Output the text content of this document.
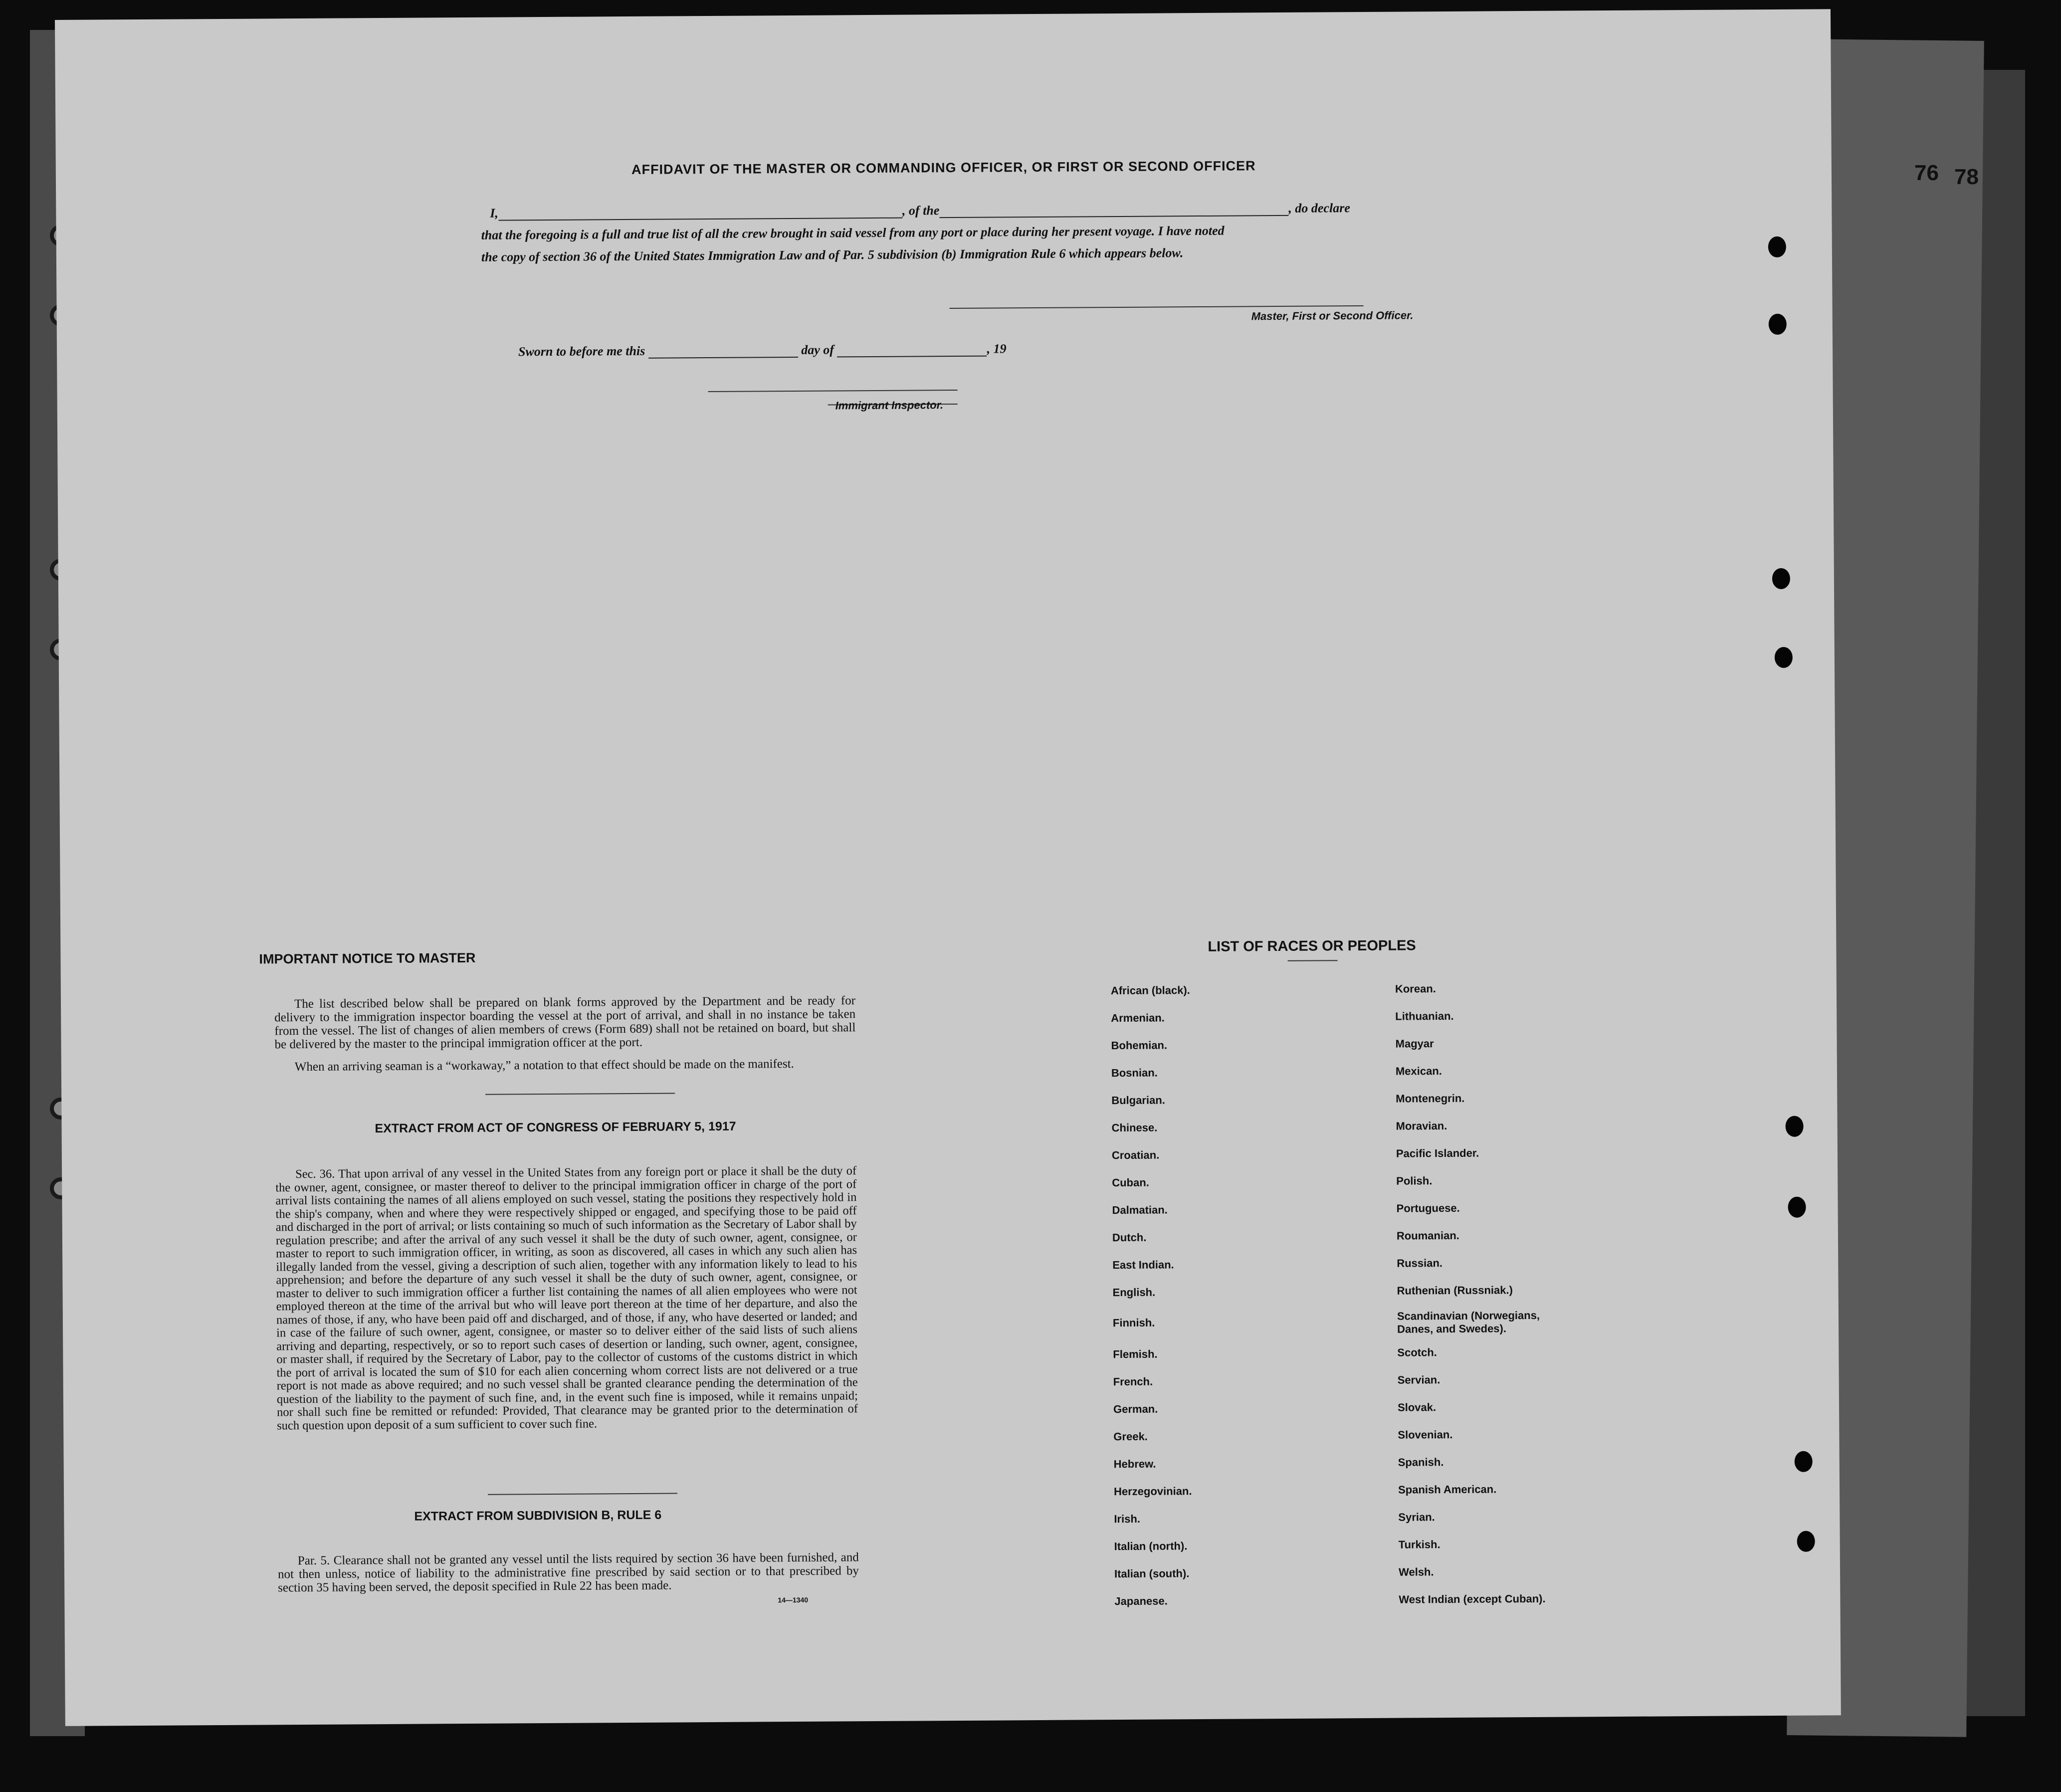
76 78

AFFIDAVIT OF THE MASTER OR COMMANDING OFFICER, OR FIRST OR SECOND OFFICER
I,	, of the	, do declare
that the foregoing is a full and true list of all the crew brought in said vessel from any port or place during her present voyage. I have noted
the copy of section 36 of the United States Immigration Law and of Par. 5 subdivision (b) Immigration Rule 6 which appears below.
Master, First or Second Officer.
Sworn to before me this	day of	, 19
Immigrant Inspector.
IMPORTANT NOTICE TO MASTER
The list described below shall be prepared on blank forms approved by the Department and be ready for delivery to the immigration inspector boarding the vessel at the port of arrival, and shall in no instance be taken from the vessel. The list of changes of alien members of crews (Form 689) shall not be retained on board, but shall be delivered by the master to the principal immigration officer at the port.
When an arriving seaman is a “workaway,” a notation to that effect should be made on the manifest.
EXTRACT FROM ACT OF CONGRESS OF FEBRUARY 5, 1917
Sec. 36. That upon arrival of any vessel in the United States from any foreign port or place it shall be the duty of the owner, agent, consignee, or master thereof to deliver to the principal immigration officer in charge of the port of arrival lists containing the names of all aliens employed on such vessel, stating the positions they respectively hold in the ship's company, when and where they were respectively shipped or engaged, and specifying those to be paid off and discharged in the port of arrival; or lists containing so much of such information as the Secretary of Labor shall by regulation prescribe; and after the arrival of any such vessel it shall be the duty of such owner, agent, consignee, or master to report to such immigration officer, in writing, as soon as discovered, all cases in which any such alien has illegally landed from the vessel, giving a description of such alien, together with any information likely to lead to his apprehension; and before the departure of any such vessel it shall be the duty of such owner, agent, consignee, or master to deliver to such immigration officer a further list containing the names of all alien employees who were not employed thereon at the time of the arrival but who will leave port thereon at the time of her departure, and also the names of those, if any, who have been paid off and discharged, and of those, if any, who have deserted or landed; and in case of the failure of such owner, agent, consignee, or master so to deliver either of the said lists of such aliens arriving and departing, respectively, or so to report such cases of desertion or landing, such owner, agent, consignee, or master shall, if required by the Secretary of Labor, pay to the collector of customs of the customs district in which the port of arrival is located the sum of $10 for each alien concerning whom correct lists are not delivered or a true report is not made as above required; and no such vessel shall be granted clearance pending the determination of the question of the liability to the payment of such fine, and, in the event such fine is imposed, while it remains unpaid; nor shall such fine be remitted or refunded: Provided, That clearance may be granted prior to the determination of such question upon deposit of a sum sufficient to cover such fine.
EXTRACT FROM SUBDIVISION B, RULE 6
Par. 5. Clearance shall not be granted any vessel until the lists required by section 36 have been furnished, and not then unless, notice of liability to the administrative fine prescribed by said section or to that prescribed by section 35 having been served, the deposit specified in Rule 22 has been made.
14—1340
LIST OF RACES OR PEOPLES
African (black).
Armenian.
Bohemian.
Bosnian.
Bulgarian.
Chinese.
Croatian.
Cuban.
Dalmatian.
Dutch.
East Indian.
English.
Finnish.
Flemish.
French.
German.
Greek.
Hebrew.
Herzegovinian.
Irish.
Italian (north).
Italian (south).
Japanese.
Korean.
Lithuanian.
Magyar
Mexican.
Montenegrin.
Moravian.
Pacific Islander.
Polish.
Portuguese.
Roumanian.
Russian.
Ruthenian (Russniak.)
Scandinavian (Norwegians, Danes, and Swedes).
Scotch.
Servian.
Slovak.
Slovenian.
Spanish.
Spanish American.
Syrian.
Turkish.
Welsh.
West Indian (except Cuban).
